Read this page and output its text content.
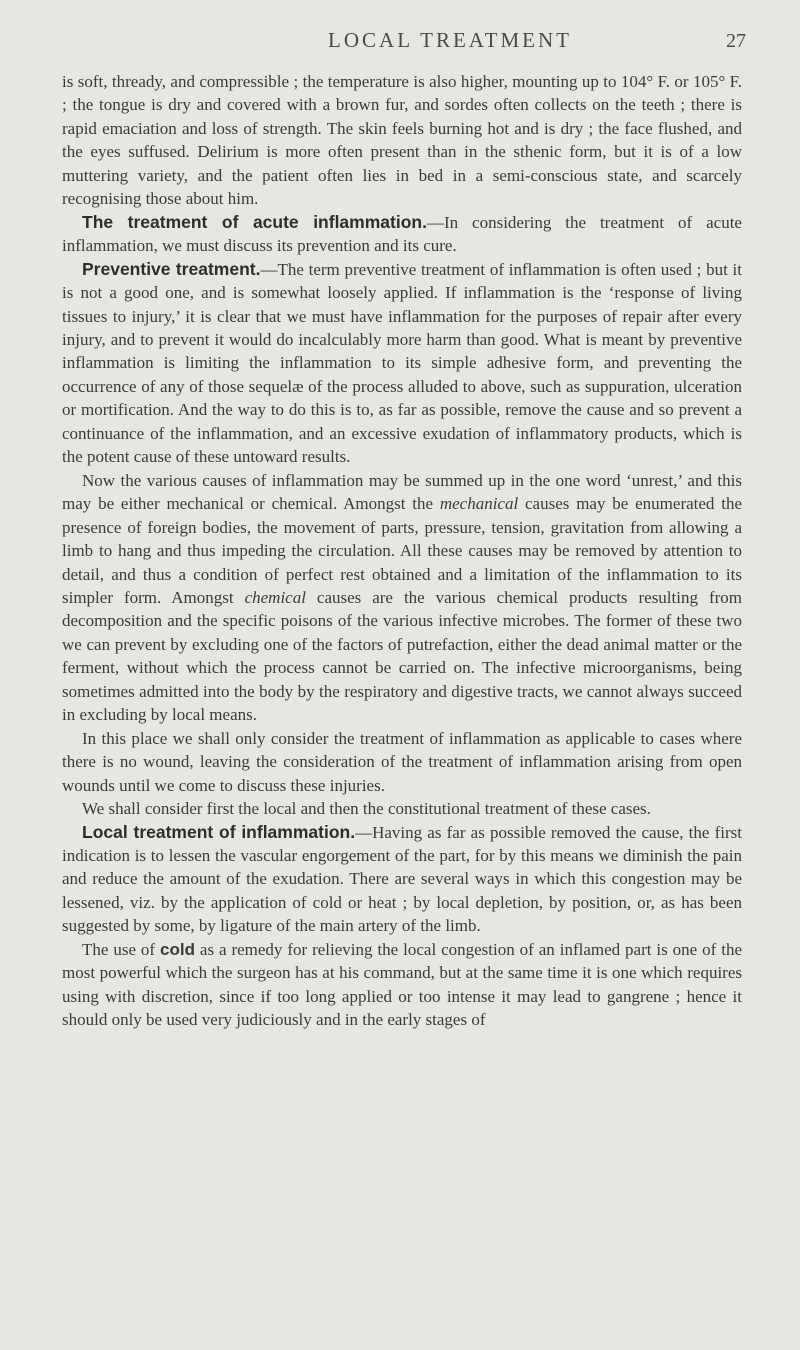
LOCAL TREATMENT	27

is soft, thready, and compressible ; the temperature is also higher, mounting up to 104° F. or 105° F. ; the tongue is dry and covered with a brown fur, and sordes often collects on the teeth ; there is rapid emaciation and loss of strength. The skin feels burning hot and is dry ; the face flushed, and the eyes suffused. Delirium is more often present than in the sthenic form, but it is of a low muttering variety, and the patient often lies in bed in a semi-conscious state, and scarcely recognising those about him.

The treatment of acute inflammation.—In considering the treatment of acute inflammation, we must discuss its prevention and its cure.

Preventive treatment.—The term preventive treatment of inflammation is often used ; but it is not a good one, and is somewhat loosely applied. If inflammation is the ‘response of living tissues to injury,’ it is clear that we must have inflammation for the purposes of repair after every injury, and to prevent it would do incalculably more harm than good. What is meant by preventive inflammation is limiting the inflammation to its simple adhesive form, and preventing the occurrence of any of those sequelæ of the process alluded to above, such as suppuration, ulceration or mortification. And the way to do this is to, as far as possible, remove the cause and so prevent a continuance of the inflammation, and an excessive exudation of inflammatory products, which is the potent cause of these untoward results.

Now the various causes of inflammation may be summed up in the one word ‘unrest,’ and this may be either mechanical or chemical. Amongst the mechanical causes may be enumerated the presence of foreign bodies, the movement of parts, pressure, tension, gravitation from allowing a limb to hang and thus impeding the circulation. All these causes may be removed by attention to detail, and thus a condition of perfect rest obtained and a limitation of the inflammation to its simpler form. Amongst chemical causes are the various chemical products resulting from decomposition and the specific poisons of the various infective microbes. The former of these two we can prevent by excluding one of the factors of putrefaction, either the dead animal matter or the ferment, without which the process cannot be carried on. The infective microorganisms, being sometimes admitted into the body by the respiratory and digestive tracts, we cannot always succeed in excluding by local means.

In this place we shall only consider the treatment of inflammation as applicable to cases where there is no wound, leaving the consideration of the treatment of inflammation arising from open wounds until we come to discuss these injuries.

We shall consider first the local and then the constitutional treatment of these cases.

Local treatment of inflammation.—Having as far as possible removed the cause, the first indication is to lessen the vascular engorgement of the part, for by this means we diminish the pain and reduce the amount of the exudation. There are several ways in which this congestion may be lessened, viz. by the application of cold or heat ; by local depletion, by position, or, as has been suggested by some, by ligature of the main artery of the limb.

The use of cold as a remedy for relieving the local congestion of an inflamed part is one of the most powerful which the surgeon has at his command, but at the same time it is one which requires using with discretion, since if too long applied or too intense it may lead to gangrene ; hence it should only be used very judiciously and in the early stages of
